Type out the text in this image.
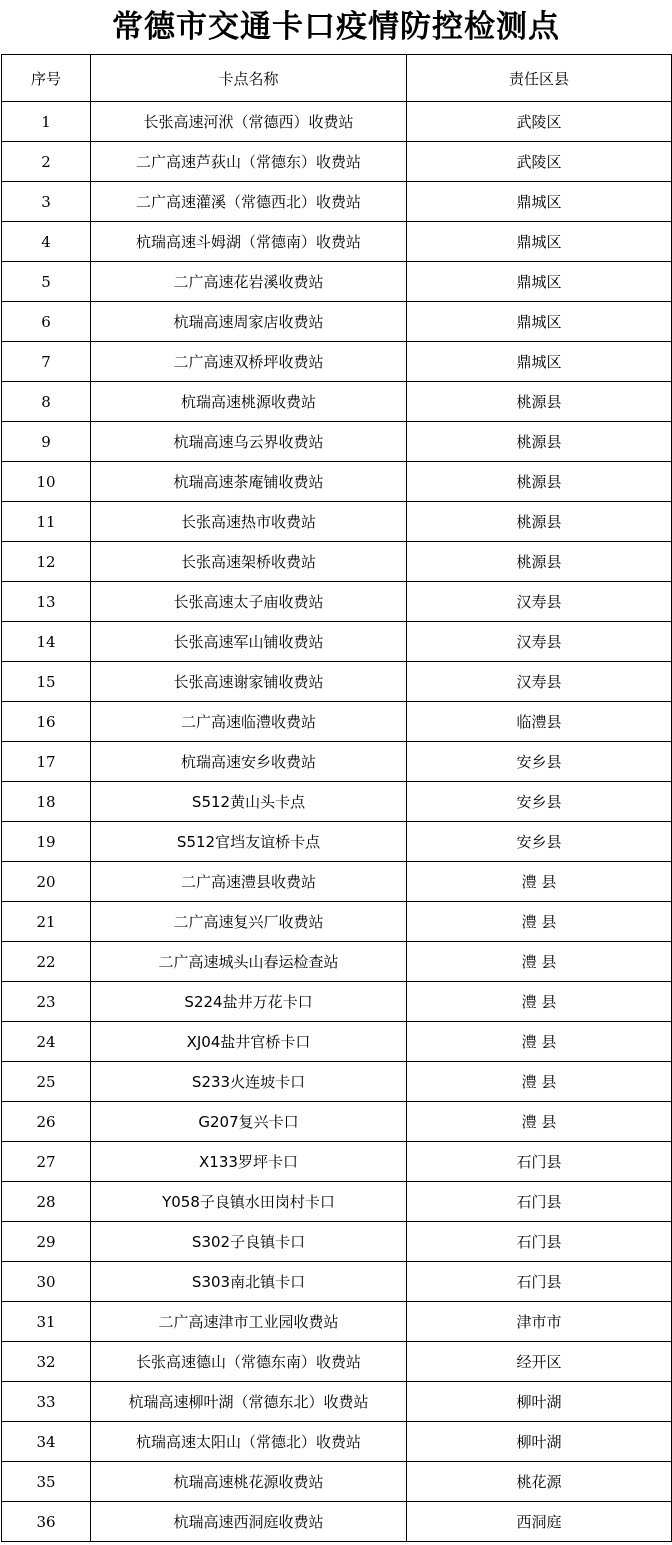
常德市交通卡口疫情防控检测点
序号	卡点名称	责任区县
1	长张高速河洑（常德西）收费站	武陵区
2	二广高速芦荻山（常德东）收费站	武陵区
3	二广高速灌溪（常德西北）收费站	鼎城区
4	杭瑞高速斗姆湖（常德南）收费站	鼎城区
5	二广高速花岩溪收费站	鼎城区
6	杭瑞高速周家店收费站	鼎城区
7	二广高速双桥坪收费站	鼎城区
8	杭瑞高速桃源收费站	桃源县
9	杭瑞高速乌云界收费站	桃源县
10	杭瑞高速茶庵铺收费站	桃源县
11	长张高速热市收费站	桃源县
12	长张高速架桥收费站	桃源县
13	长张高速太子庙收费站	汉寿县
14	长张高速军山铺收费站	汉寿县
15	长张高速谢家铺收费站	汉寿县
16	二广高速临澧收费站	临澧县
17	杭瑞高速安乡收费站	安乡县
18	S512黄山头卡点	安乡县
19	S512官垱友谊桥卡点	安乡县
20	二广高速澧县收费站	澧 县
21	二广高速复兴厂收费站	澧 县
22	二广高速城头山春运检查站	澧 县
23	S224盐井万花卡口	澧 县
24	XJ04盐井官桥卡口	澧 县
25	S233火连坡卡口	澧 县
26	G207复兴卡口	澧 县
27	X133罗坪卡口	石门县
28	Y058子良镇水田岗村卡口	石门县
29	S302子良镇卡口	石门县
30	S303南北镇卡口	石门县
31	二广高速津市工业园收费站	津市市
32	长张高速德山（常德东南）收费站	经开区
33	杭瑞高速柳叶湖（常德东北）收费站	柳叶湖
34	杭瑞高速太阳山（常德北）收费站	柳叶湖
35	杭瑞高速桃花源收费站	桃花源
36	杭瑞高速西洞庭收费站	西洞庭
